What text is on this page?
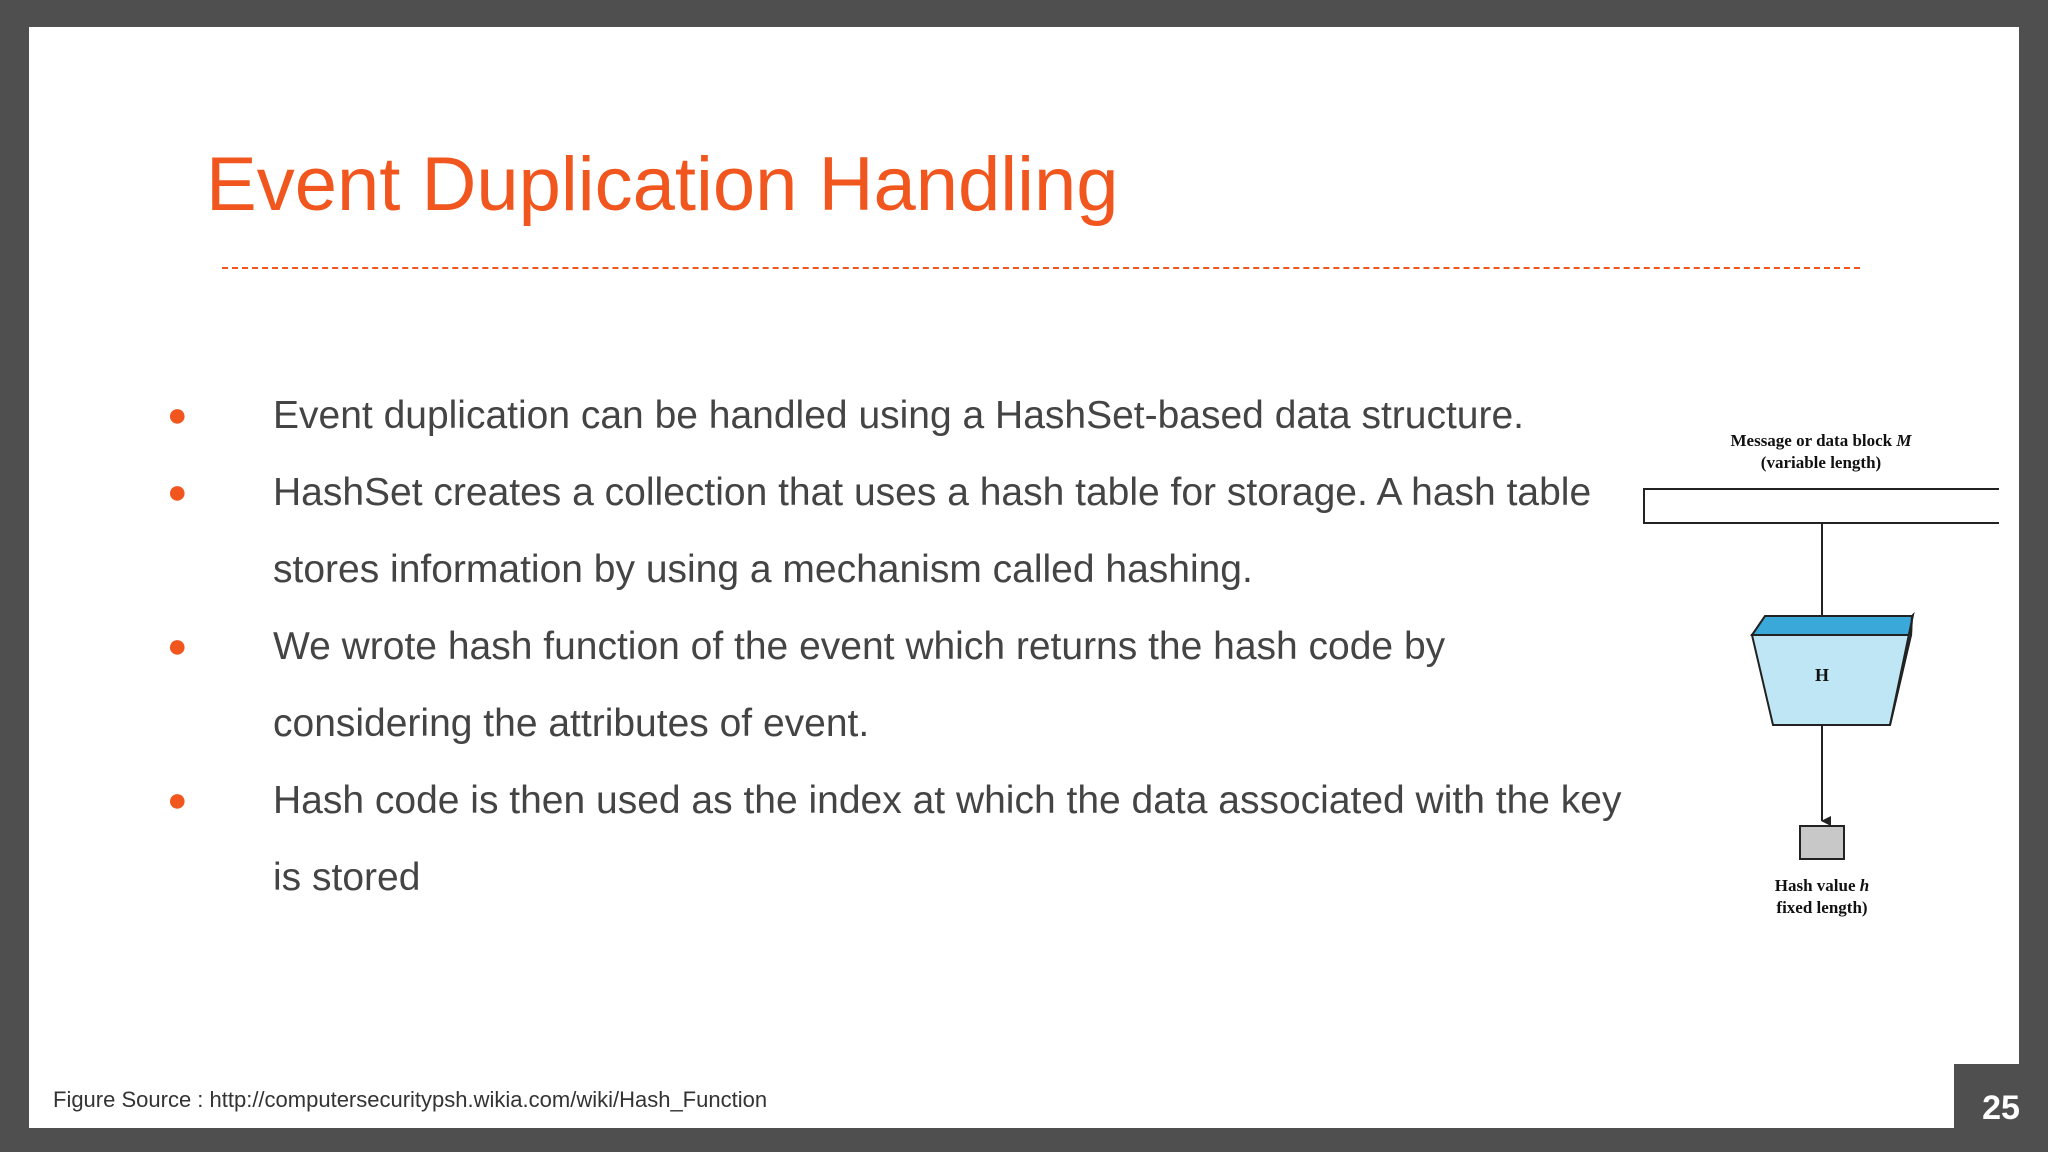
Event Duplication Handling
● Event duplication can be handled using a HashSet-based data structure.
● HashSet creates a collection that uses a hash table for storage. A hash table stores information by using a mechanism called hashing.
● We wrote hash function of the event which returns the hash code by considering the attributes of event.
● Hash code is then used as the index at which the data associated with the key is stored
Message or data block M
(variable length)
H
Hash value h
fixed length)
Figure Source : http://computersecuritypsh.wikia.com/wiki/Hash_Function	25
